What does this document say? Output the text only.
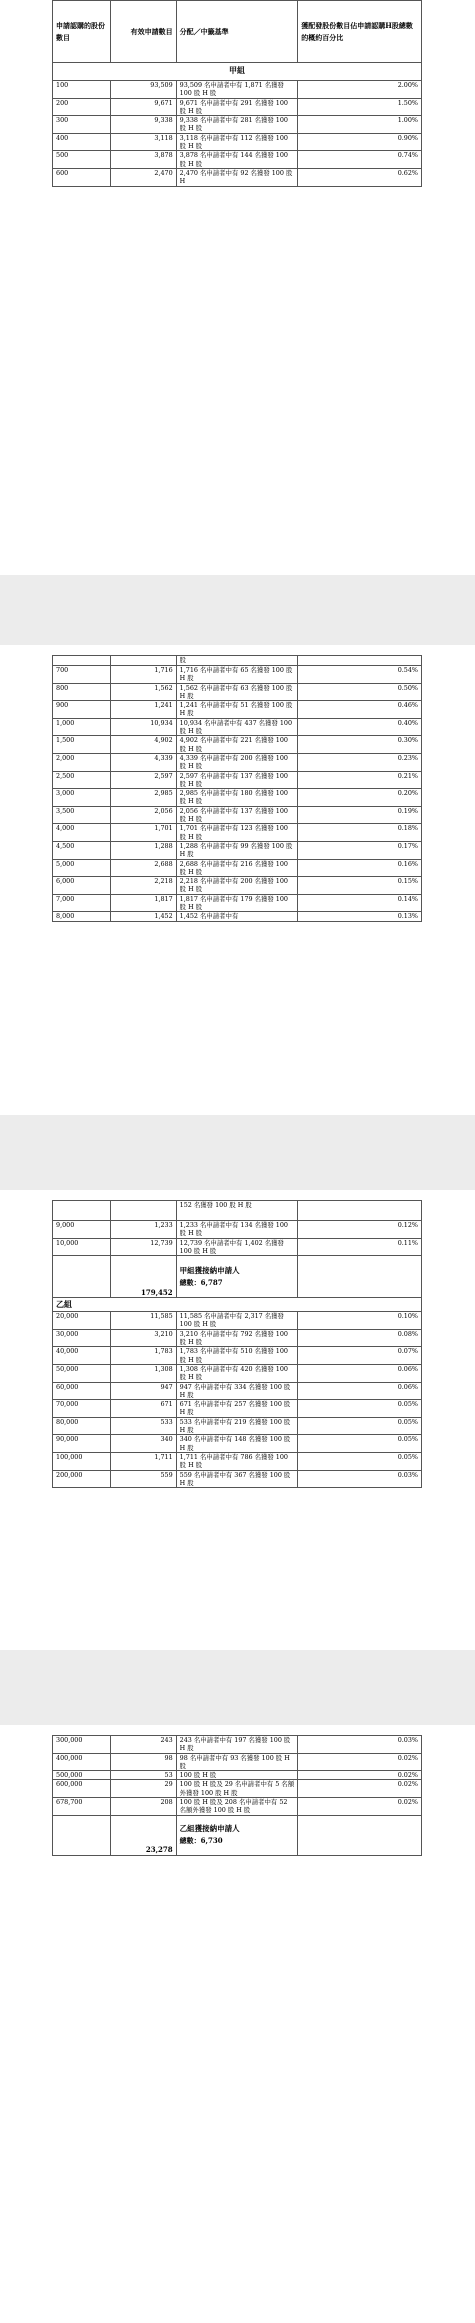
申請認購的股份數目	有效申請數目	分配／中籤基準	獲配發股份數目佔申請認購H股總數的概約百分比
甲組			
100	93,509	93,509 名申請者中有 1,871 名獲發 100 股 H 股	2.00%
200	9,671	9,671 名申請者中有 291 名獲發 100 股 H 股	1.50%
300	9,338	9,338 名申請者中有 281 名獲發 100 股 H 股	1.00%
400	3,118	3,118 名申請者中有 112 名獲發 100 股 H 股	0.90%
500	3,878	3,878 名申請者中有 144 名獲發 100 股 H 股	0.74%
600	2,470	2,470 名申請者中有 92 名獲發 100 股 H	0.62%
		股	
700	1,716	1,716 名申請者中有 65 名獲發 100 股 H 股	0.54%
800	1,562	1,562 名申請者中有 63 名獲發 100 股 H 股	0.50%
900	1,241	1,241 名申請者中有 51 名獲發 100 股 H 股	0.46%
1,000	10,934	10,934 名申請者中有 437 名獲發 100 股 H 股	0.40%
1,500	4,902	4,902 名申請者中有 221 名獲發 100 股 H 股	0.30%
2,000	4,339	4,339 名申請者中有 200 名獲發 100 股 H 股	0.23%
2,500	2,597	2,597 名申請者中有 137 名獲發 100 股 H 股	0.21%
3,000	2,985	2,985 名申請者中有 180 名獲發 100 股 H 股	0.20%
3,500	2,056	2,056 名申請者中有 137 名獲發 100 股 H 股	0.19%
4,000	1,701	1,701 名申請者中有 123 名獲發 100 股 H 股	0.18%
4,500	1,288	1,288 名申請者中有 99 名獲發 100 股 H 股	0.17%
5,000	2,688	2,688 名申請者中有 216 名獲發 100 股 H 股	0.16%
6,000	2,218	2,218 名申請者中有 200 名獲發 100 股 H 股	0.15%
7,000	1,817	1,817 名申請者中有 179 名獲發 100 股 H 股	0.14%
8,000	1,452	1,452 名申請者中有	0.13%
		152 名獲發 100 股 H 股	
9,000	1,233	1,233 名申請者中有 134 名獲發 100 股 H 股	0.12%
10,000	12,739	12,739 名申請者中有 1,402 名獲發 100 股 H 股	0.11%
	179,452	甲組獲接納申請人
總數：6,787	

乙組			
20,000	11,585	11,585 名申請者中有 2,317 名獲發 100 股 H 股	0.10%
30,000	3,210	3,210 名申請者中有 792 名獲發 100 股 H 股	0.08%
40,000	1,783	1,783 名申請者中有 510 名獲發 100 股 H 股	0.07%
50,000	1,308	1,308 名申請者中有 420 名獲發 100 股 H 股	0.06%
60,000	947	947 名申請者中有 334 名獲發 100 股 H 股	0.06%
70,000	671	671 名申請者中有 257 名獲發 100 股 H 股	0.05%
80,000	533	533 名申請者中有 219 名獲發 100 股 H 股	0.05%
90,000	340	340 名申請者中有 148 名獲發 100 股 H 股	0.05%
100,000	1,711	1,711 名申請者中有 786 名獲發 100 股 H 股	0.05%
200,000	559	559 名申請者中有 367 名獲發 100 股 H 股	0.03%
300,000	243	243 名申請者中有 197 名獲發 100 股 H 股	0.03%
400,000	98	98 名申請者中有 93 名獲發 100 股 H 股	0.02%
500,000	53	100 股 H 股	0.02%
600,000	29	100 股 H 股及 29 名申請者中有 5 名額外獲發 100 股 H 股	0.02%
678,700	208	100 股 H 股及 208 名申請者中有 52 名額外獲發 100 股 H 股	0.02%
	23,278	乙組獲接納申請人
總數：6,730	
